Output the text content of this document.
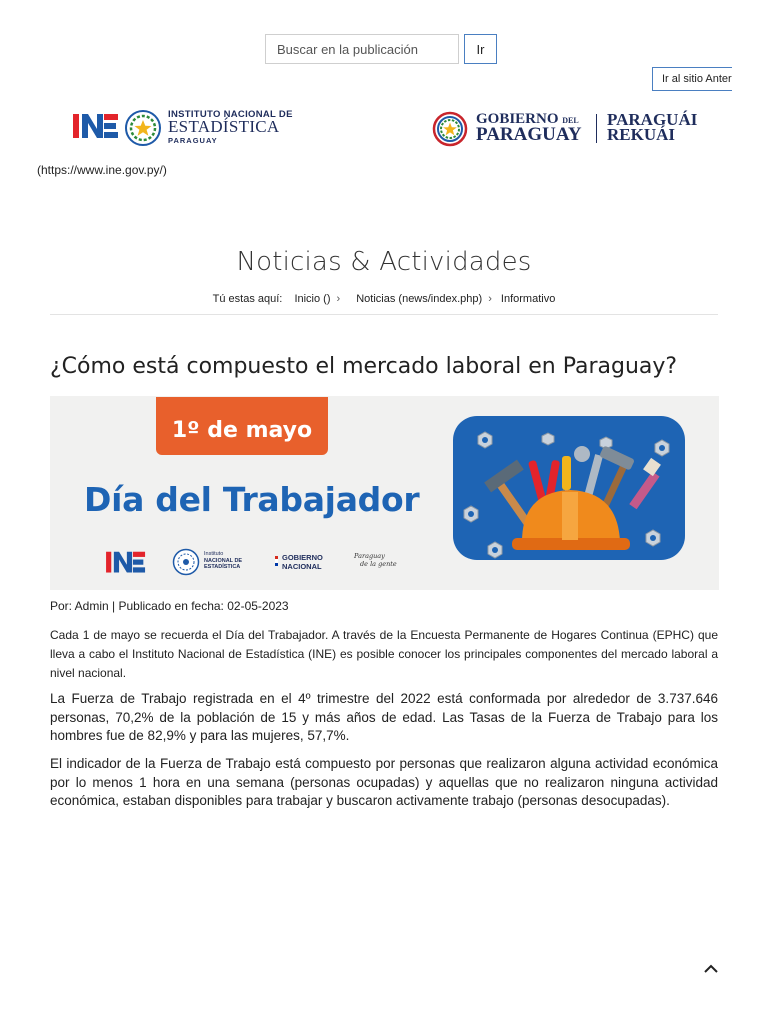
Buscar en la publicación
Ir
Ir al sitio Anter
INSTITUTO NACIONAL DE
ESTADÍSTICA
PARAGUAY
(https://www.ine.gov.py/)
GOBIERNO DEL
PARAGUAY
PARAGUÁI
REKUÁI
Noticias & Actividades
Tú estas aquí: Inicio () › Noticias (news/index.php) › Informativo
¿Cómo está compuesto el mercado laboral en Paraguay?
1º de mayo
Día del Trabajador
Instituto
NACIONAL DE
ESTADÍSTICA
GOBIERNO
NACIONAL
Paraguay
de la gente
Por: Admin | Publicado en fecha: 02-05-2023
Cada 1 de mayo se recuerda el Día del Trabajador. A través de la Encuesta Permanente de Hogares Continua (EPHC) que lleva a cabo el Instituto Nacional de Estadística (INE) es posible conocer los principales componentes del mercado laboral a nivel nacional.
La Fuerza de Trabajo registrada en el 4º trimestre del 2022 está conformada por alrededor de 3.737.646 personas, 70,2% de la población de 15 y más años de edad. Las Tasas de la Fuerza de Trabajo para los hombres fue de 82,9% y para las mujeres, 57,7%.
El indicador de la Fuerza de Trabajo está compuesto por personas que realizaron alguna actividad económica por lo menos 1 hora en una semana (personas ocupadas) y aquellas que no realizaron ninguna actividad económica, estaban disponibles para trabajar y buscaron activamente trabajo (personas desocupadas).
